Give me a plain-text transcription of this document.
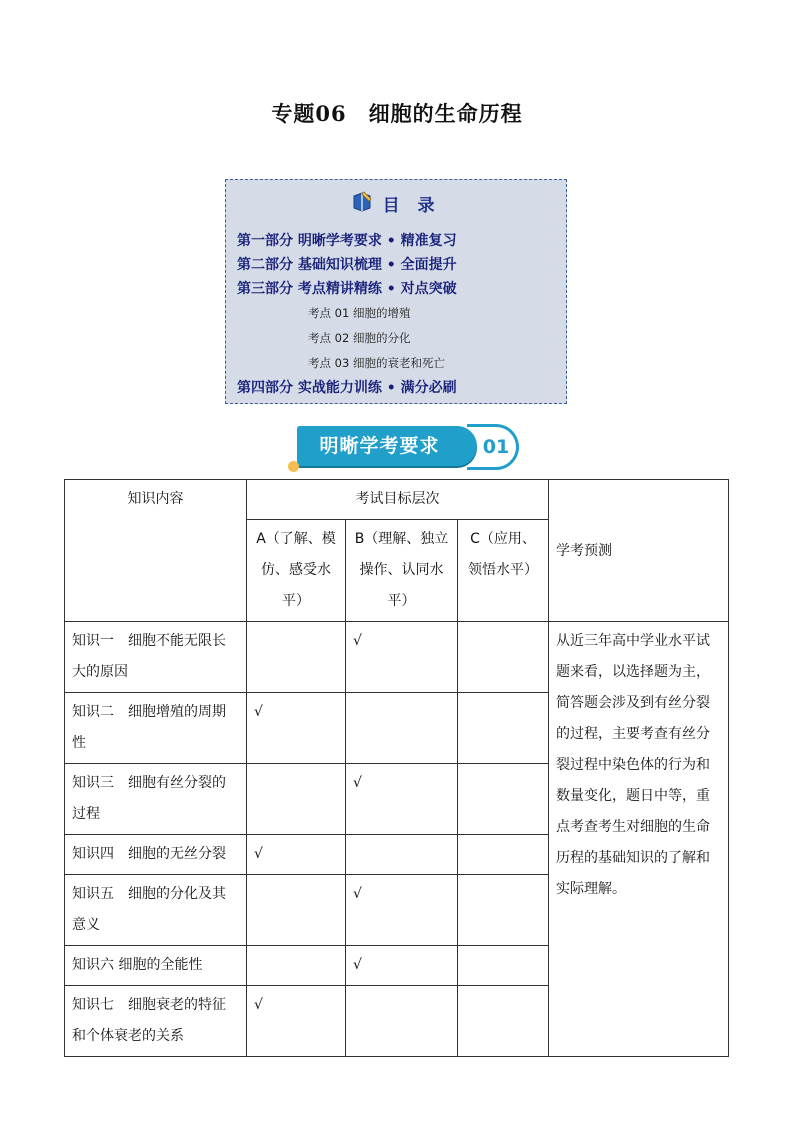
专题06　细胞的生命历程
目 录
第一部分 明晰学考要求 • 精准复习
第二部分 基础知识梳理 • 全面提升
第三部分 考点精讲精练 • 对点突破
考点 01 细胞的增殖
考点 02 细胞的分化
考点 03 细胞的衰老和死亡
第四部分 实战能力训练 • 满分必刷
明晰学考要求	01
知识内容	考试目标层次			学考预测
	A（了解、模仿、感受水平）	B（理解、独立操作、认同水平）	C（应用、领悟水平）	
知识一　细胞不能无限长大的原因		√		从近三年高中学业水平试题来看，以选择题为主，简答题会涉及到有丝分裂的过程，主要考查有丝分裂过程中染色体的行为和数量变化，题日中等，重点考查考生对细胞的生命历程的基础知识的了解和实际理解。
知识二　细胞增殖的周期性	√			
知识三　细胞有丝分裂的过程		√		
知识四　细胞的无丝分裂	√			
知识五　细胞的分化及其意义		√		
知识六 细胞的全能性		√		
知识七　细胞衰老的特征和个体衰老的关系	√			
